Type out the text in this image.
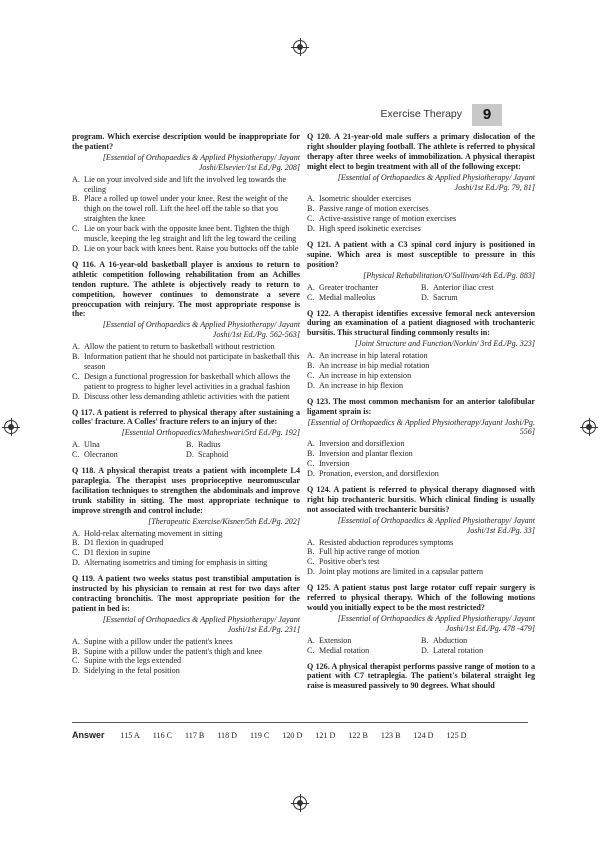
Exercise Therapy	9

program. Which exercise description would be inappropriate for the patient?

[Essential of Orthopaedics & Applied Physiotherapy/ Jayant Joshi/Elsevier/1st Ed./Pg. 208]
A. Lie on your involved side and lift the involved leg towards the ceiling
B. Place a rolled up towel under your knee. Rest the weight of the thigh on the towel roll. Lift the heel off the table so that you straighten the knee
C. Lie on your back with the opposite knee bent. Tighten the thigh muscle, keeping the leg straight and lift the leg toward the ceiling
D. Lie on your back with knees bent. Raise you buttocks off the table

Q 116. A 16-year-old basketball player is anxious to return to athletic competition following rehabilitation from an Achilles tendon rupture. The athlete is objectively ready to return to competition, however continues to demonstrate a severe preoccupation with reinjury. The most appropriate response is the:

[Essential of Orthopaedics & Applied Physiotherapy/ Jayant Joshi/1st Ed./Pg. 562-563]
A. Allow the patient to return to basketball without restriction
B. Information patient that he should not participate in basketball this season
C. Design a functional progression for basketball which allows the patient to progress to higher level activities in a gradual fashion
D. Discuss other less demanding athletic activities with the patient

Q 117. A patient is referred to physical therapy after sustaining a colles' fracture. A Colles' fracture refers to an injury of the:

[Essential Orthopaedics/Maheshwari/5rd Ed./Pg. 192]
A. Ulna	B. Radius
C. Olecranon	D. Scaphoid

Q 118. A physical therapist treats a patient with incomplete L4 paraplegia. The therapist uses proprioceptive neuromuscular facilitation techniques to strengthen the abdominals and improve trunk stability in sitting. The most appropriate technique to improve strength and control include:

[Therapeutic Exercise/Kisner/5th Ed./Pg. 202]
A. Hold-relax alternating movement in sitting
B. D1 flexion in quadruped
C. D1 flexion in supine
D. Alternating isometrics and timing for emphasis in sitting

Q 119. A patient two weeks status post transtibial amputation is instructed by his physician to remain at rest for two days after contracting bronchitis. The most appropriate position for the patient in bed is:

[Essential of Orthopaedics & Applied Physiotherapy/ Jayant Joshi/1st Ed./Pg. 231]
A. Supine with a pillow under the patient's knees
B. Supine with a pillow under the patient's thigh and knee
C. Supine with the legs extended
D. Sidelying in the fetal position

Q 120. A 21-year-old male suffers a primary dislocation of the right shoulder playing football. The athlete is referred to physical therapy after three weeks of immobilization. A physical therapist might elect to begin treatment with all of the following except:

[Essential of Orthopaedics & Applied Physiotherapy/ Jayant Joshi/1st Ed./Pg. 79, 81]
A. Isometric shoulder exercises
B. Passive range of motion exercises
C. Active-assistive range of motion exercises
D. High speed isokinetic exercises

Q 121. A patient with a C3 spinal cord injury is positioned in supine. Which area is most susceptible to pressure in this position?

[Physical Rehabilitation/O'Sullivan/4th Ed./Pg. 883]
A. Greater trochanter	B. Anterior iliac crest
C. Medial malleolus	D. Sacrum

Q 122. A therapist identifies excessive femoral neck anteversion during an examination of a patient diagnosed with trochanteric bursitis. This structural finding commonly results in:

[Joint Structure and Function/Norkin/ 3rd Ed./Pg. 323]
A. An increase in hip lateral rotation
B. An increase in hip medial rotation
C. An increase in hip extension
D. An increase in hip flexion

Q 123. The most common mechanism for an anterior talofibular ligament sprain is:

[Essential of Orthopaedics & Applied Physiotherapy/Jayant Joshi/Pg. 556]
A. Inversion and dorsiflexion
B. Inversion and plantar flexion
C. Inversion
D. Pronation, eversion, and dorsiflexion

Q 124. A patient is referred to physical therapy diagnosed with right hip trochanteric bursitis. Which clinical finding is usually not associated with trochanteric bursitis?

[Essential of Orthopaedics & Applied Physiotherapy/ Jayant Joshi/1st Ed./Pg. 33]
A. Resisted abduction reproduces symptoms
B. Full hip active range of motion
C. Positive ober's test
D. Joint play motions are limited in a capsular pattern

Q 125. A patient status post large rotator cuff repair surgery is referred to physical therapy. Which of the following motions would you initially expect to be the most restricted?

[Essential of Orthopaedics & Applied Physiotherapy/ Jayant Joshi/1st Ed./Pg. 478 -479]
A. Extension	B. Abduction
C. Medial rotation	D. Lateral rotation

Q 126. A physical therapist performs passive range of motion to a patient with C7 tetraplegia. The patient's bilateral straight leg raise is measured passively to 90 degrees. What should

Answer 115 A 116 C 117 B 118 D 119 C 120 D 121 D 122 B 123 B 124 D 125 D
